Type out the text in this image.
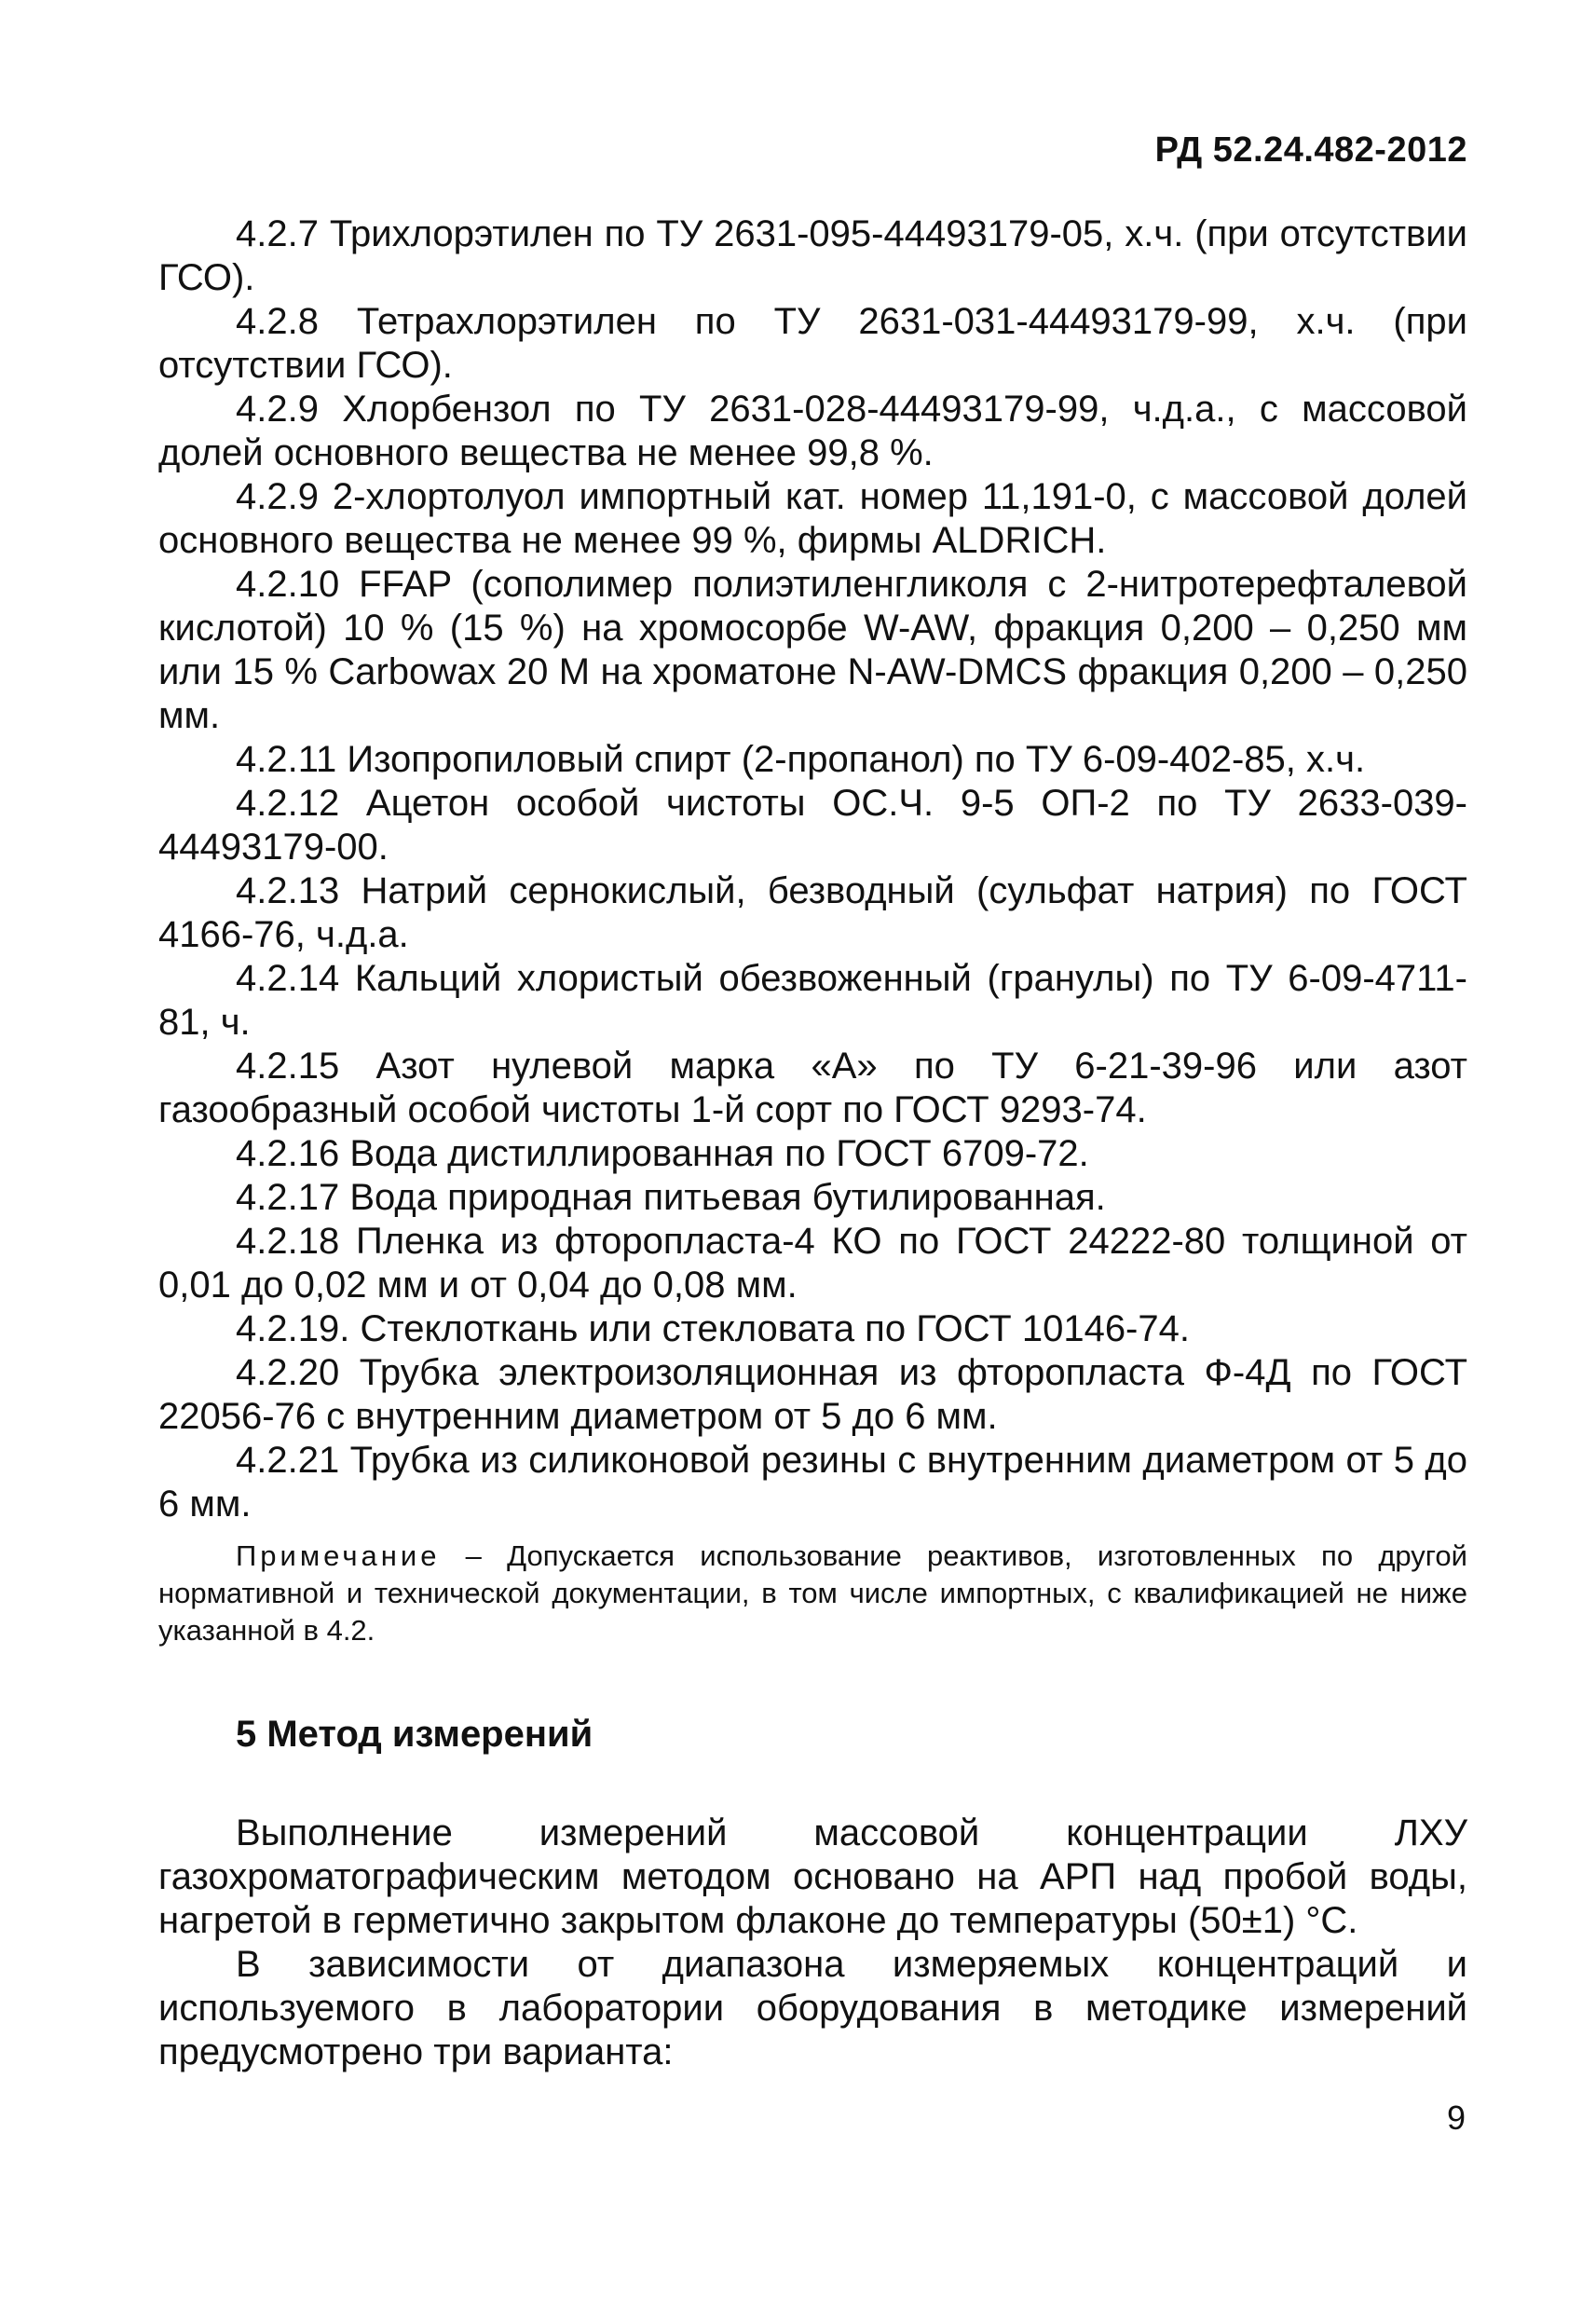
РД 52.24.482-2012

4.2.7 Трихлорэтилен по ТУ 2631-095-44493179-05, х.ч. (при отсутствии ГСО).

4.2.8 Тетрахлорэтилен по ТУ 2631-031-44493179-99, х.ч. (при отсутствии ГСО).

4.2.9 Хлорбензол по ТУ 2631-028-44493179-99, ч.д.а., с массовой долей основного вещества не менее 99,8 %.

4.2.9 2-хлортолуол импортный кат. номер 11,191-0, с массовой долей основного вещества не менее 99 %, фирмы ALDRICH.

4.2.10 FFAP (сополимер полиэтиленгликоля с 2-нитротерефталевой кислотой) 10 % (15 %) на хромосорбе W-AW, фракция 0,200 – 0,250 мм или 15 % Carbowax 20 M на хроматоне N-AW-DMCS фракция 0,200 – 0,250 мм.

4.2.11 Изопропиловый спирт (2-пропанол) по ТУ 6-09-402-85, х.ч.

4.2.12 Ацетон особой чистоты ОС.Ч. 9-5 ОП-2 по ТУ 2633-039-44493179-00.

4.2.13 Натрий сернокислый, безводный (сульфат натрия) по ГОСТ 4166-76, ч.д.а.

4.2.14 Кальций хлористый обезвоженный (гранулы) по ТУ 6-09-4711-81, ч.

4.2.15 Азот нулевой марка «А» по ТУ 6-21-39-96 или азот газообразный особой чистоты 1-й сорт по ГОСТ 9293-74.

4.2.16 Вода дистиллированная по ГОСТ 6709-72.

4.2.17 Вода природная питьевая бутилированная.

4.2.18 Пленка из фторопласта-4 КО по ГОСТ 24222-80 толщиной от 0,01 до 0,02 мм и от 0,04 до 0,08 мм.

4.2.19. Стеклоткань или стекловата по ГОСТ 10146-74.

4.2.20 Трубка электроизоляционная из фторопласта Ф-4Д по ГОСТ 22056-76 с внутренним диаметром от 5 до 6 мм.

4.2.21 Трубка из силиконовой резины с внутренним диаметром от 5 до 6 мм.

Примечание – Допускается использование реактивов, изготовленных по другой нормативной и технической документации, в том числе импортных, с квалификацией не ниже указанной в 4.2.

5 Метод измерений

Выполнение измерений массовой концентрации ЛХУ газохроматографическим методом основано на АРП над пробой воды, нагретой в герметично закрытом флаконе до температуры (50±1) °С.

В зависимости от диапазона измеряемых концентраций и используемого в лаборатории оборудования в методике измерений предусмотрено три варианта:

9
